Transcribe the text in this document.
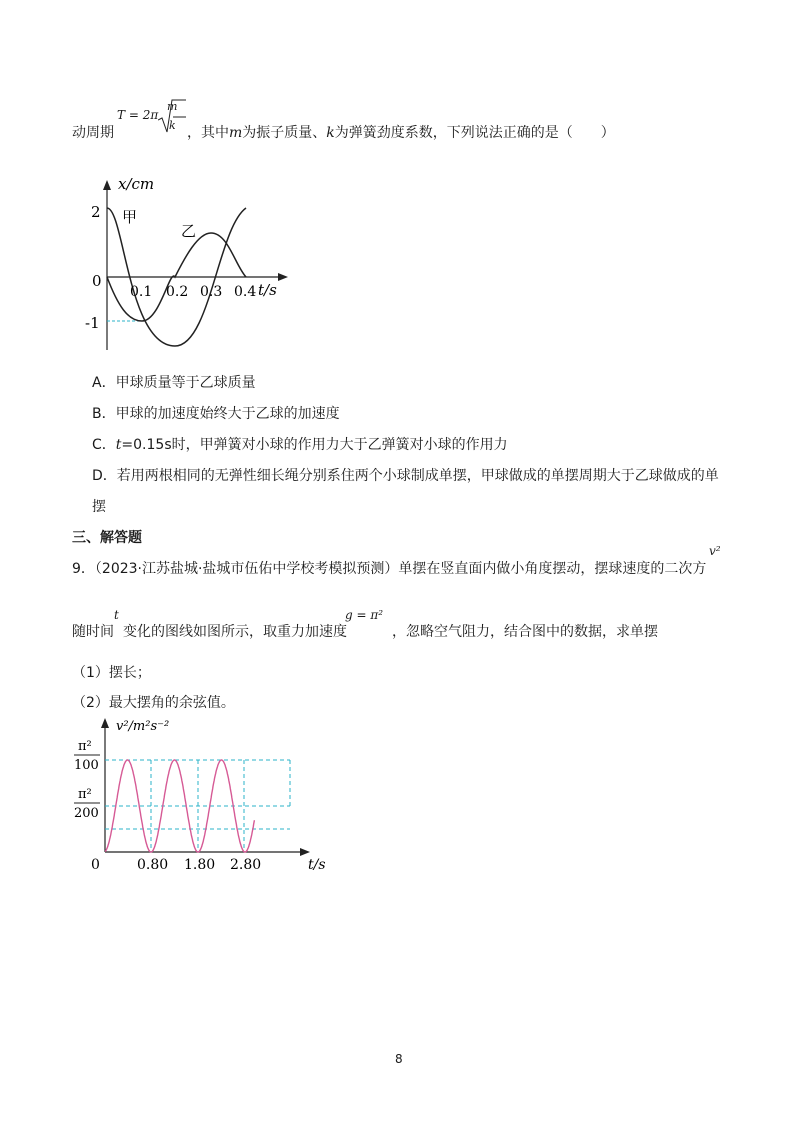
动周期
T = 2π
m
k ，其中m为振子质量、k为弹簧劲度系数，下列说法正确的是（　　）
x/cm
t/s
2
0
-1
0.1 0.2 0.3 0.4
甲
乙
A．甲球质量等于乙球质量
B．甲球的加速度始终大于乙球的加速度
C．t=0.15s时，甲弹簧对小球的作用力大于乙弹簧对小球的作用力
D．若用两根相同的无弹性细长绳分别系住两个小球制成单摆，甲球做成的单摆周期大于乙球做成的单
摆
三、解答题
9．（2023·江苏盐城·盐城市伍佑中学校考模拟预测）单摆在竖直面内做小角度摆动，摆球速度的二次方
v²
随时间
t
变化的图线如图所示，取重力加速度
g = π²
，忽略空气阻力，结合图中的数据，求单摆
（1）摆长；
（2）最大摆角的余弦值。
v²/m²s⁻²
t/s
π²
100
π²
200
0	0.80 1.80 2.80
8
